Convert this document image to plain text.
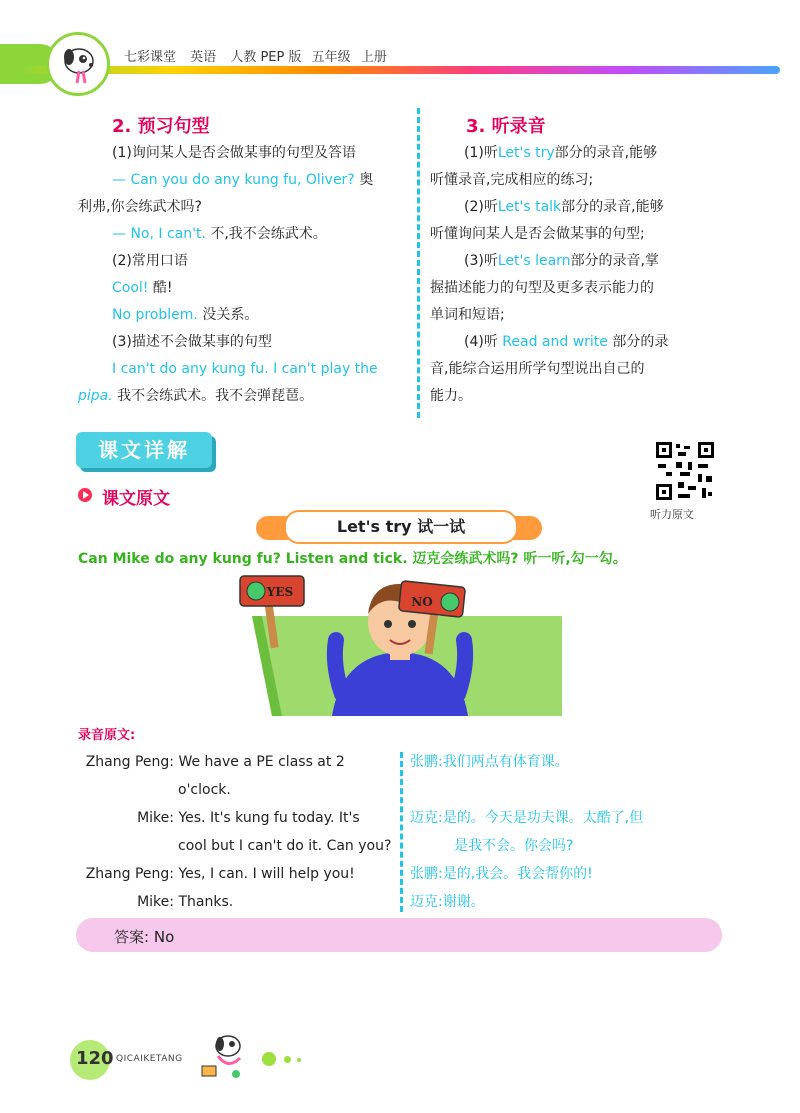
七彩课堂 英语 人教 PEP 版 五年级 上册
2. 预习句型
(1)询问某人是否会做某事的句型及答语
— Can you do any kung fu, Oliver? 奥
利弗,你会练武术吗?
— No, I can't. 不,我不会练武术。
(2)常用口语
Cool! 酷!
No problem. 没关系。
(3)描述不会做某事的句型
I can't do any kung fu. I can't play the
pipa. 我不会练武术。我不会弹琵琶。
3. 听录音
(1)听Let's try部分的录音,能够
听懂录音,完成相应的练习;
(2)听Let's talk部分的录音,能够
听懂询问某人是否会做某事的句型;
(3)听Let's learn部分的录音,掌
握描述能力的句型及更多表示能力的
单词和短语;
(4)听 Read and write 部分的录
音,能综合运用所学句型说出自己的
能力。
课文详解
听力原文
课文原文
Let's try 试一试
Can Mike do any kung fu? Listen and tick. 迈克会练武术吗? 听一听,勾一勾。
YES
NO
录音原文:
Zhang Peng: We have a PE class at 2
o'clock.
Mike: Yes. It's kung fu today. It's
cool but I can't do it. Can you?
Zhang Peng: Yes, I can. I will help you!
Mike: Thanks.
张鹏:我们两点有体育课。
迈克:是的。今天是功夫课。太酷了,但
是我不会。你会吗?
张鹏:是的,我会。我会帮你的!
迈克:谢谢。
答案: No
120 QICAIKETANG
